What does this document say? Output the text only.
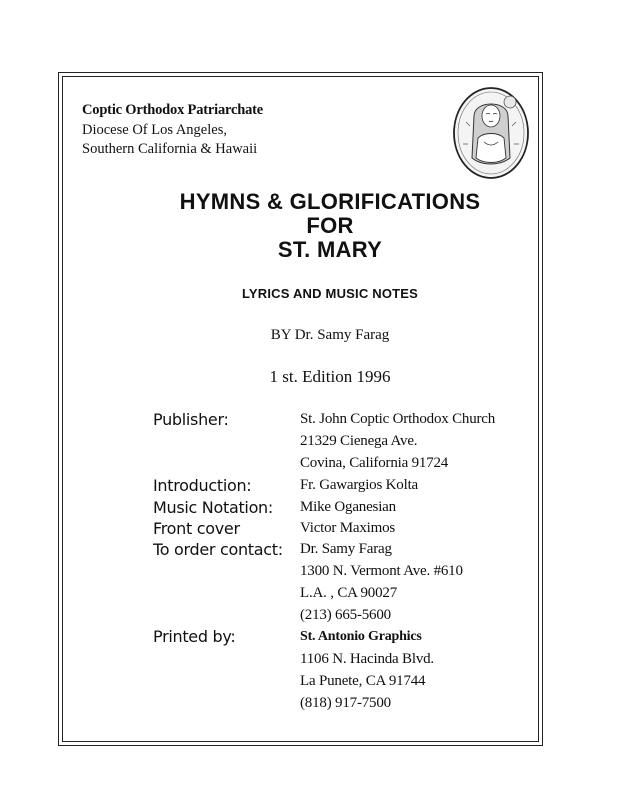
Coptic Orthodox Patriarchate
Diocese Of Los Angeles,
Southern California & Hawaii
HYMNS & GLORIFICATIONS
FOR
ST. MARY
LYRICS AND MUSIC NOTES
BY Dr. Samy Farag
1 st. Edition 1996
Publisher:	St. John Coptic Orthodox Church
21329 Cienega Ave.
Covina, California 91724
Introduction:	Fr. Gawargios Kolta
Music Notation: Mike Oganesian
Front cover	Victor Maximos
To order contact: Dr. Samy Farag
1300 N. Vermont Ave. #610
L.A. , CA 90027
(213) 665-5600
Printed by:	St. Antonio Graphics
1106 N. Hacinda Blvd.
La Punete, CA 91744
(818) 917-7500
